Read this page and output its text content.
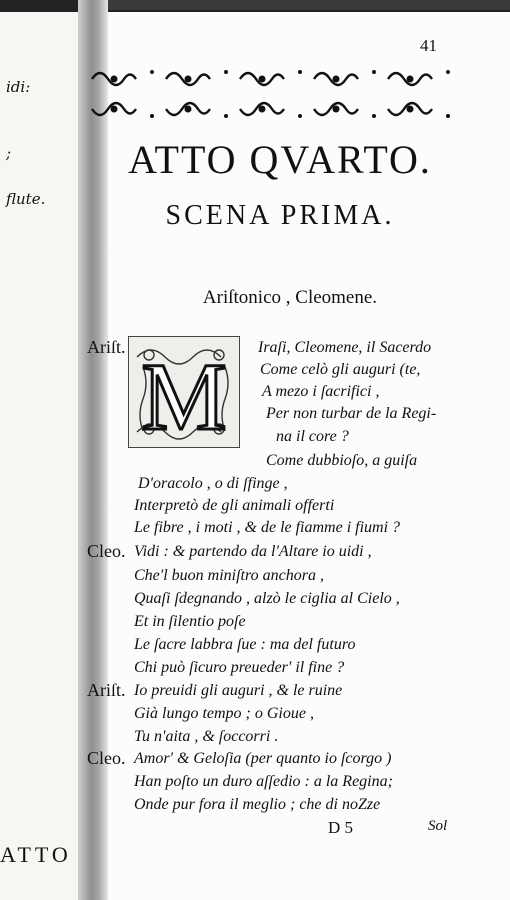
idi:
;
flute.
ATTO
41
ATTO QVARTO.
SCENA PRIMA.
Ariſtonico , Cleomene.
M
Ariſt.	Iraſi, Cleomene, il Sacerdo
Come celò gli auguri (te,
A mezo i ſacrifici ,
Per non turbar de la Regi-
na il core ?
Come dubbioſo, a guiſa
D'oracolo , o di ſfinge ,
Interpretò de gli animali offerti
Le fibre , i moti , & de le fiamme i fiumi ?
Cleo. Vidi : & partendo da l'Altare io uidi ,
Che'l buon miniſtro anchora ,
Quaſi ſdegnando , alzò le ciglia al Cielo ,
Et in ſilentio poſe
Le ſacre labbra ſue : ma del futuro
Chi può ſicuro preueder' il fine ?
Ariſt. Io preuidi gli auguri , & le ruine
Già lungo tempo ; o Gioue ,
Tu n'aita , & ſoccorri .
Cleo. Amor' & Geloſia (per quanto io ſcorgo )
Han poſto un duro aſſedio : a la Regina;
Onde pur fora il meglio ; che di noZze
D 5	Sol
